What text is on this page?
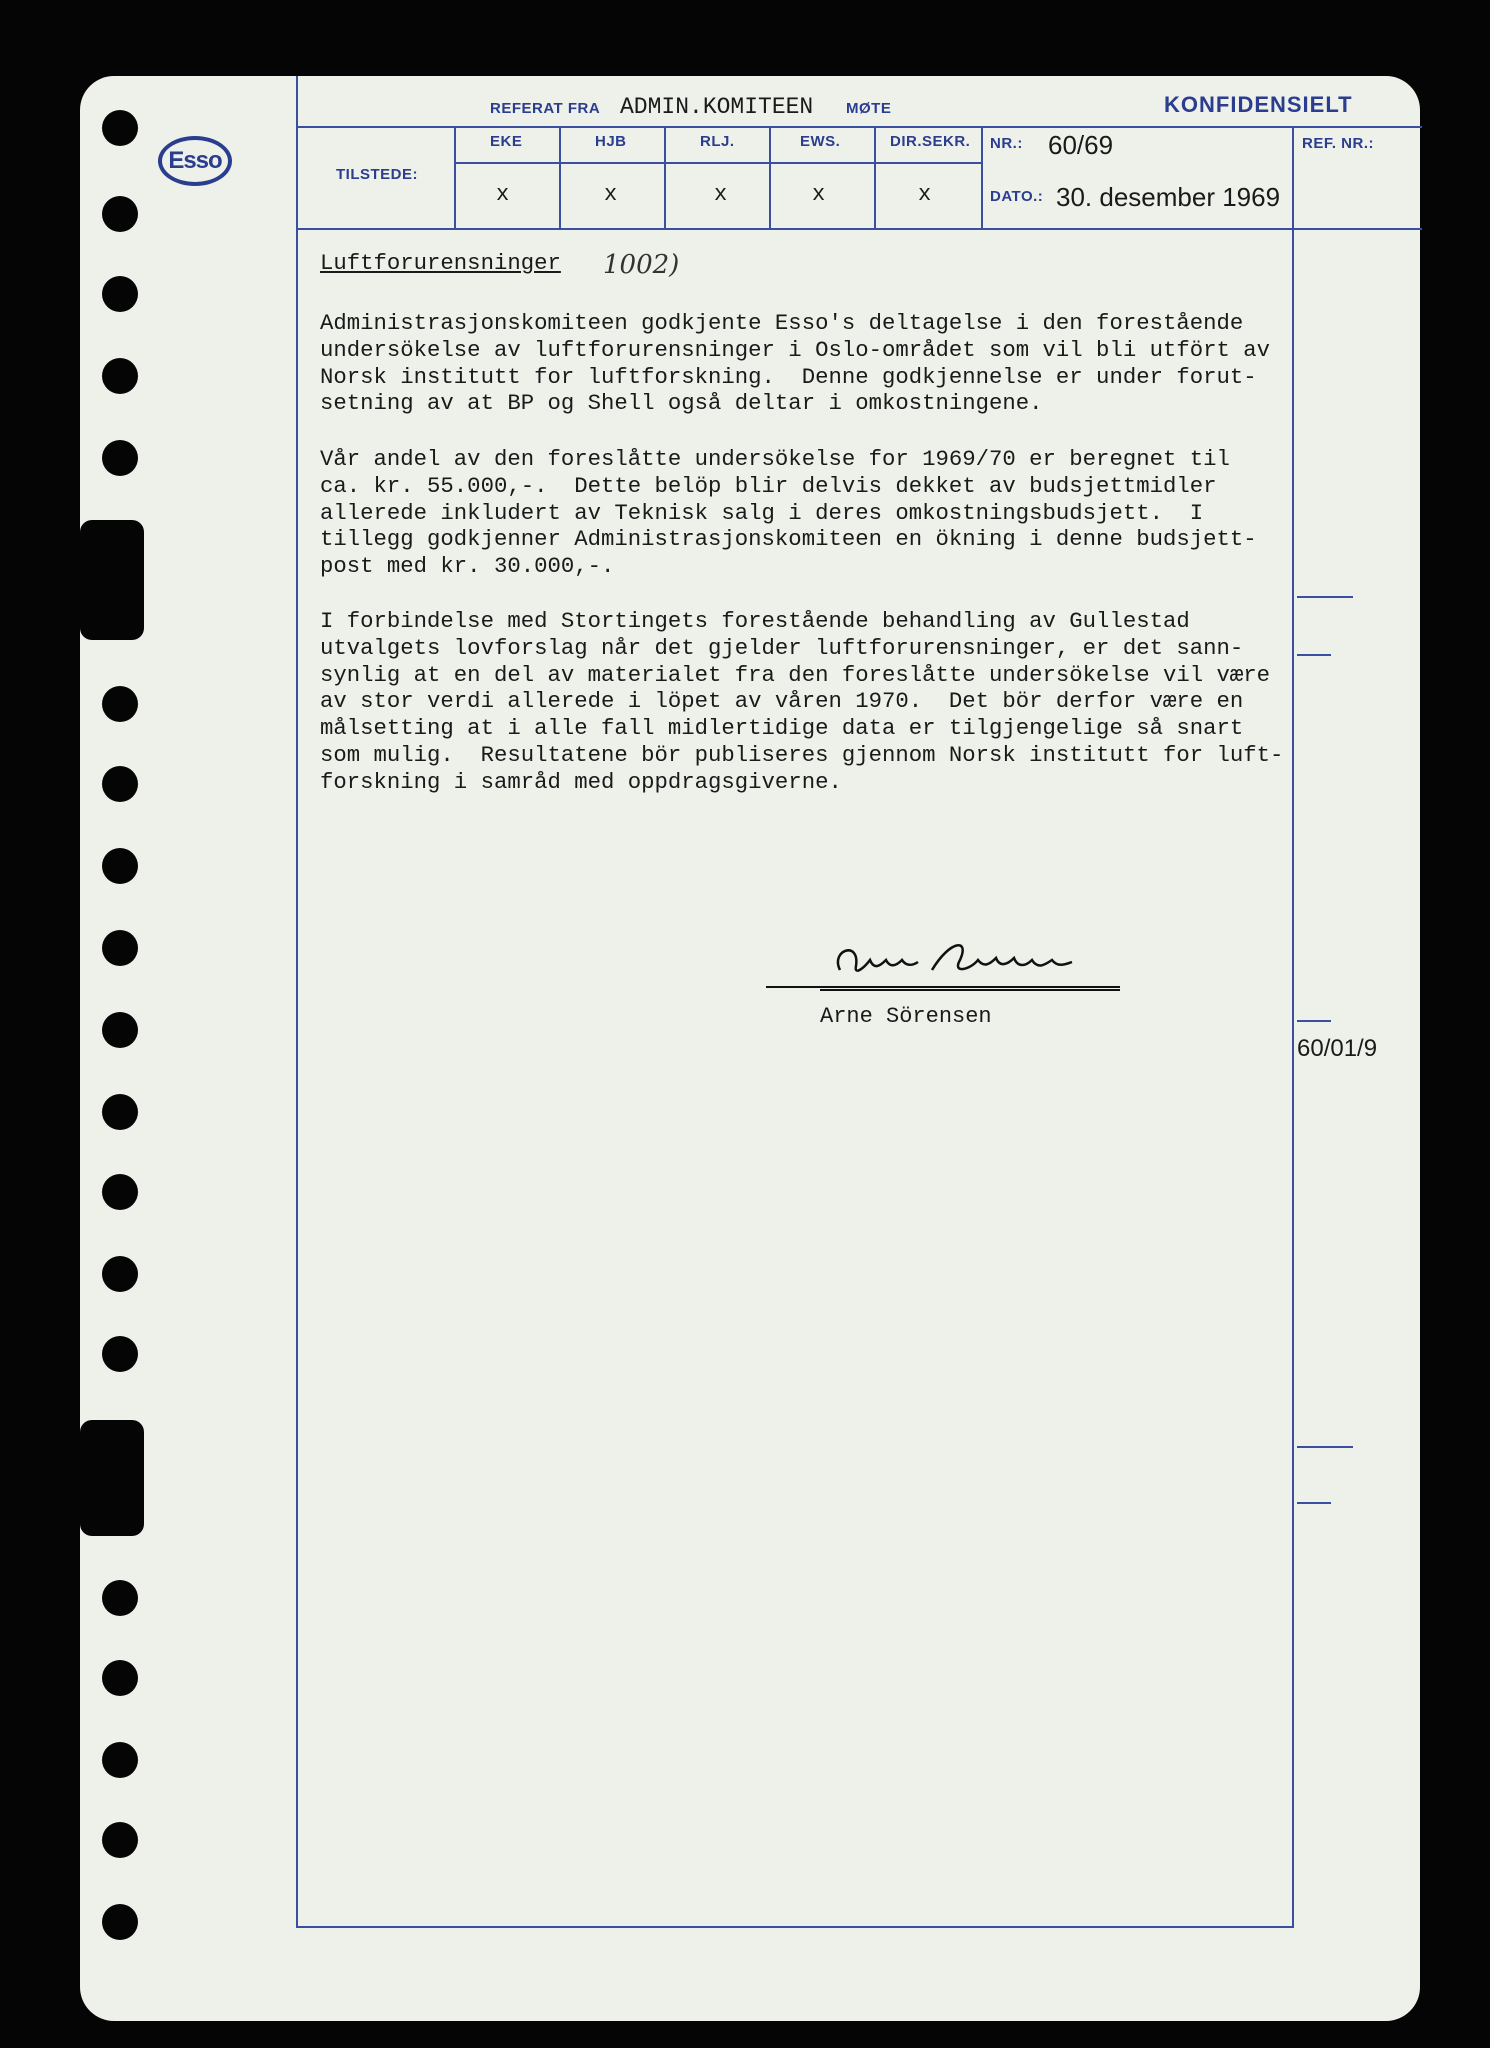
REFERAT FRA ADMIN.KOMITEEN MØTE	KONFIDENSIELT
Esso
TILSTEDE:
EKE	HJB	RLJ.	EWS.	DIR.SEKR.
x	x	x	x	x
NR.: 60/69
DATO.: 30. desember 1969
REF. NR.:
Luftforurensninger 1002)
Administrasjonskomiteen godkjente Esso's deltagelse i den forestående
undersökelse av luftforurensninger i Oslo-området som vil bli utfört av
Norsk institutt for luftforskning.  Denne godkjennelse er under forut-
setning av at BP og Shell også deltar i omkostningene.
Vår andel av den foreslåtte undersökelse for 1969/70 er beregnet til
ca. kr. 55.000,-.  Dette belöp blir delvis dekket av budsjettmidler
allerede inkludert av Teknisk salg i deres omkostningsbudsjett.  I
tillegg godkjenner Administrasjonskomiteen en ökning i denne budsjett-
post med kr. 30.000,-.
I forbindelse med Stortingets forestående behandling av Gullestad
utvalgets lovforslag når det gjelder luftforurensninger, er det sann-
synlig at en del av materialet fra den foreslåtte undersökelse vil være
av stor verdi allerede i löpet av våren 1970.  Det bör derfor være en
målsetting at i alle fall midlertidige data er tilgjengelige så snart
som mulig.  Resultatene bör publiseres gjennom Norsk institutt for luft-
forskning i samråd med oppdragsgiverne.
Arne Sörensen
60/01/9
